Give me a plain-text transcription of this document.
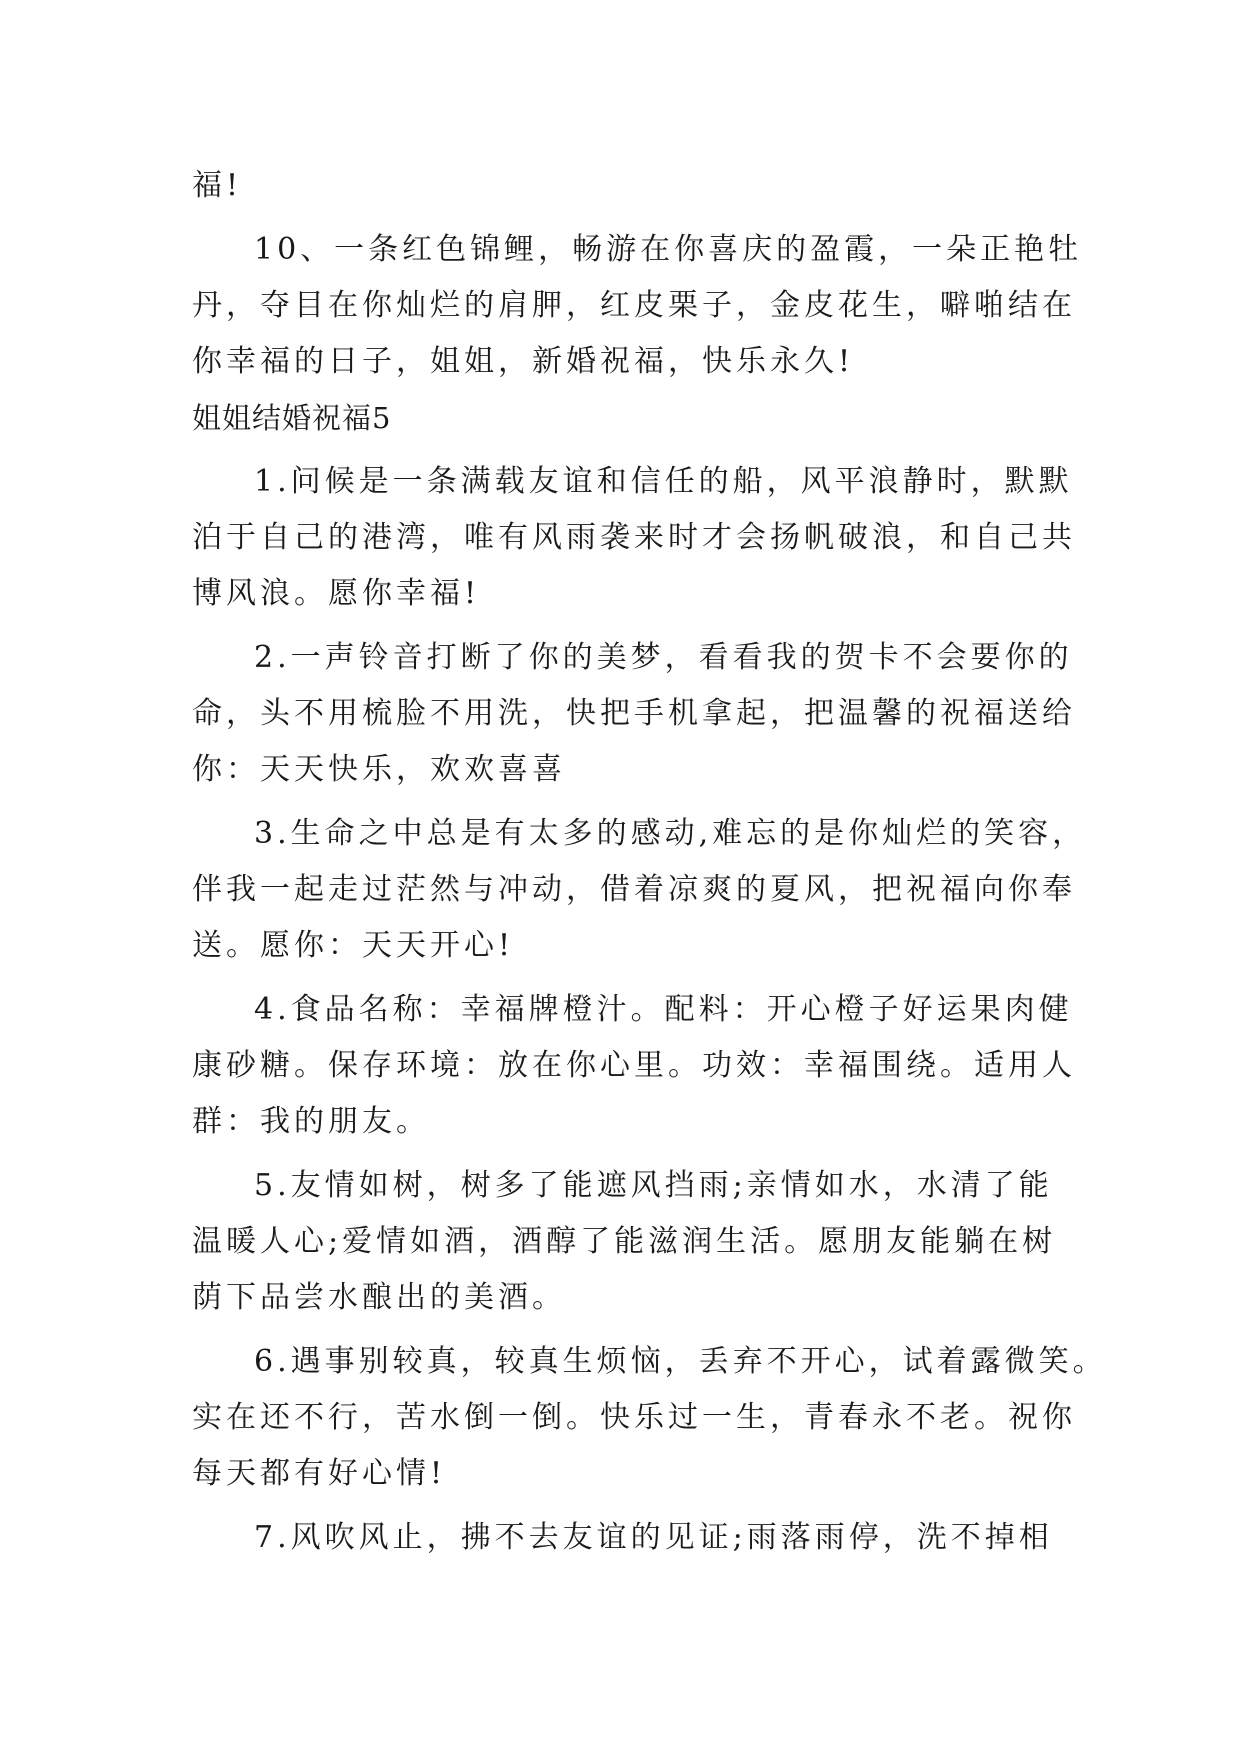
福!
10、一条红色锦鲤，畅游在你喜庆的盈霞，一朵正艳牡
丹，夺目在你灿烂的肩胛，红皮栗子，金皮花生，噼啪结在
你幸福的日子，姐姐，新婚祝福，快乐永久!
姐姐结婚祝福5
1.问候是一条满载友谊和信任的船，风平浪静时，默默
泊于自己的港湾，唯有风雨袭来时才会扬帆破浪，和自己共
博风浪。愿你幸福!
2.一声铃音打断了你的美梦，看看我的贺卡不会要你的
命，头不用梳脸不用洗，快把手机拿起，把温馨的祝福送给
你：天天快乐，欢欢喜喜
3.生命之中总是有太多的感动,难忘的是你灿烂的笑容，
伴我一起走过茫然与冲动，借着凉爽的夏风，把祝福向你奉
送。愿你：天天开心!
4.食品名称：幸福牌橙汁。配料：开心橙子好运果肉健
康砂糖。保存环境：放在你心里。功效：幸福围绕。适用人
群：我的朋友。
5.友情如树，树多了能遮风挡雨;亲情如水，水清了能
温暖人心;爱情如酒，酒醇了能滋润生活。愿朋友能躺在树
荫下品尝水酿出的美酒。
6.遇事别较真，较真生烦恼，丢弃不开心，试着露微笑。
实在还不行，苦水倒一倒。快乐过一生，青春永不老。祝你
每天都有好心情!
7.风吹风止，拂不去友谊的见证;雨落雨停，洗不掉相
